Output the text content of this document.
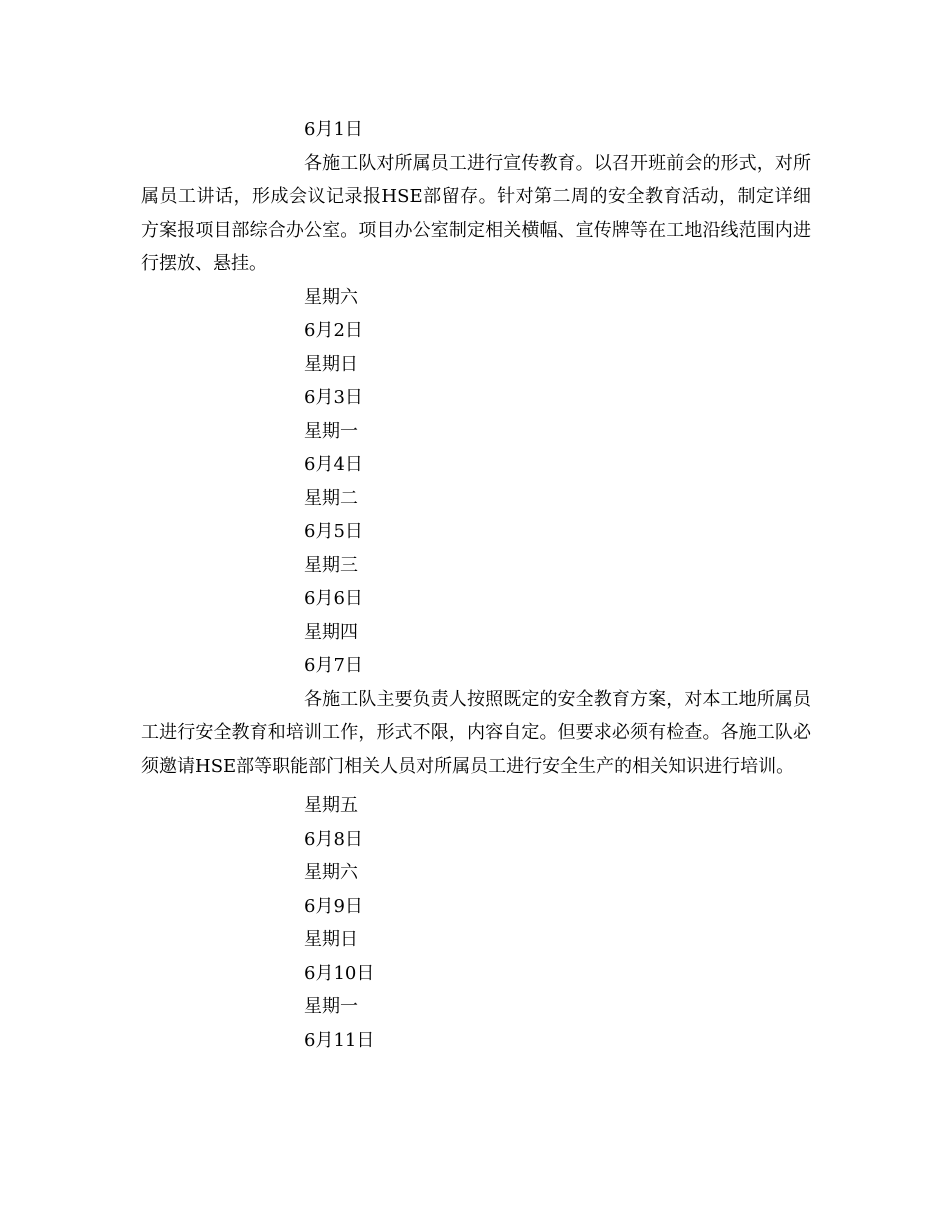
6月1日

各施工队对所属员工进行宣传教育。以召开班前会的形式，对所属员工讲话，形成会议记录报HSE部留存。针对第二周的安全教育活动，制定详细方案报项目部综合办公室。项目办公室制定相关横幅、宣传牌等在工地沿线范围内进行摆放、悬挂。

星期六
6月2日
星期日
6月3日
星期一
6月4日
星期二
6月5日
星期三
6月6日
星期四
6月7日

各施工队主要负责人按照既定的安全教育方案，对本工地所属员工进行安全教育和培训工作，形式不限，内容自定。但要求必须有检查。各施工队必须邀请HSE部等职能部门相关人员对所属员工进行安全生产的相关知识进行培训。

星期五
6月8日
星期六
6月9日
星期日
6月10日
星期一
6月11日
